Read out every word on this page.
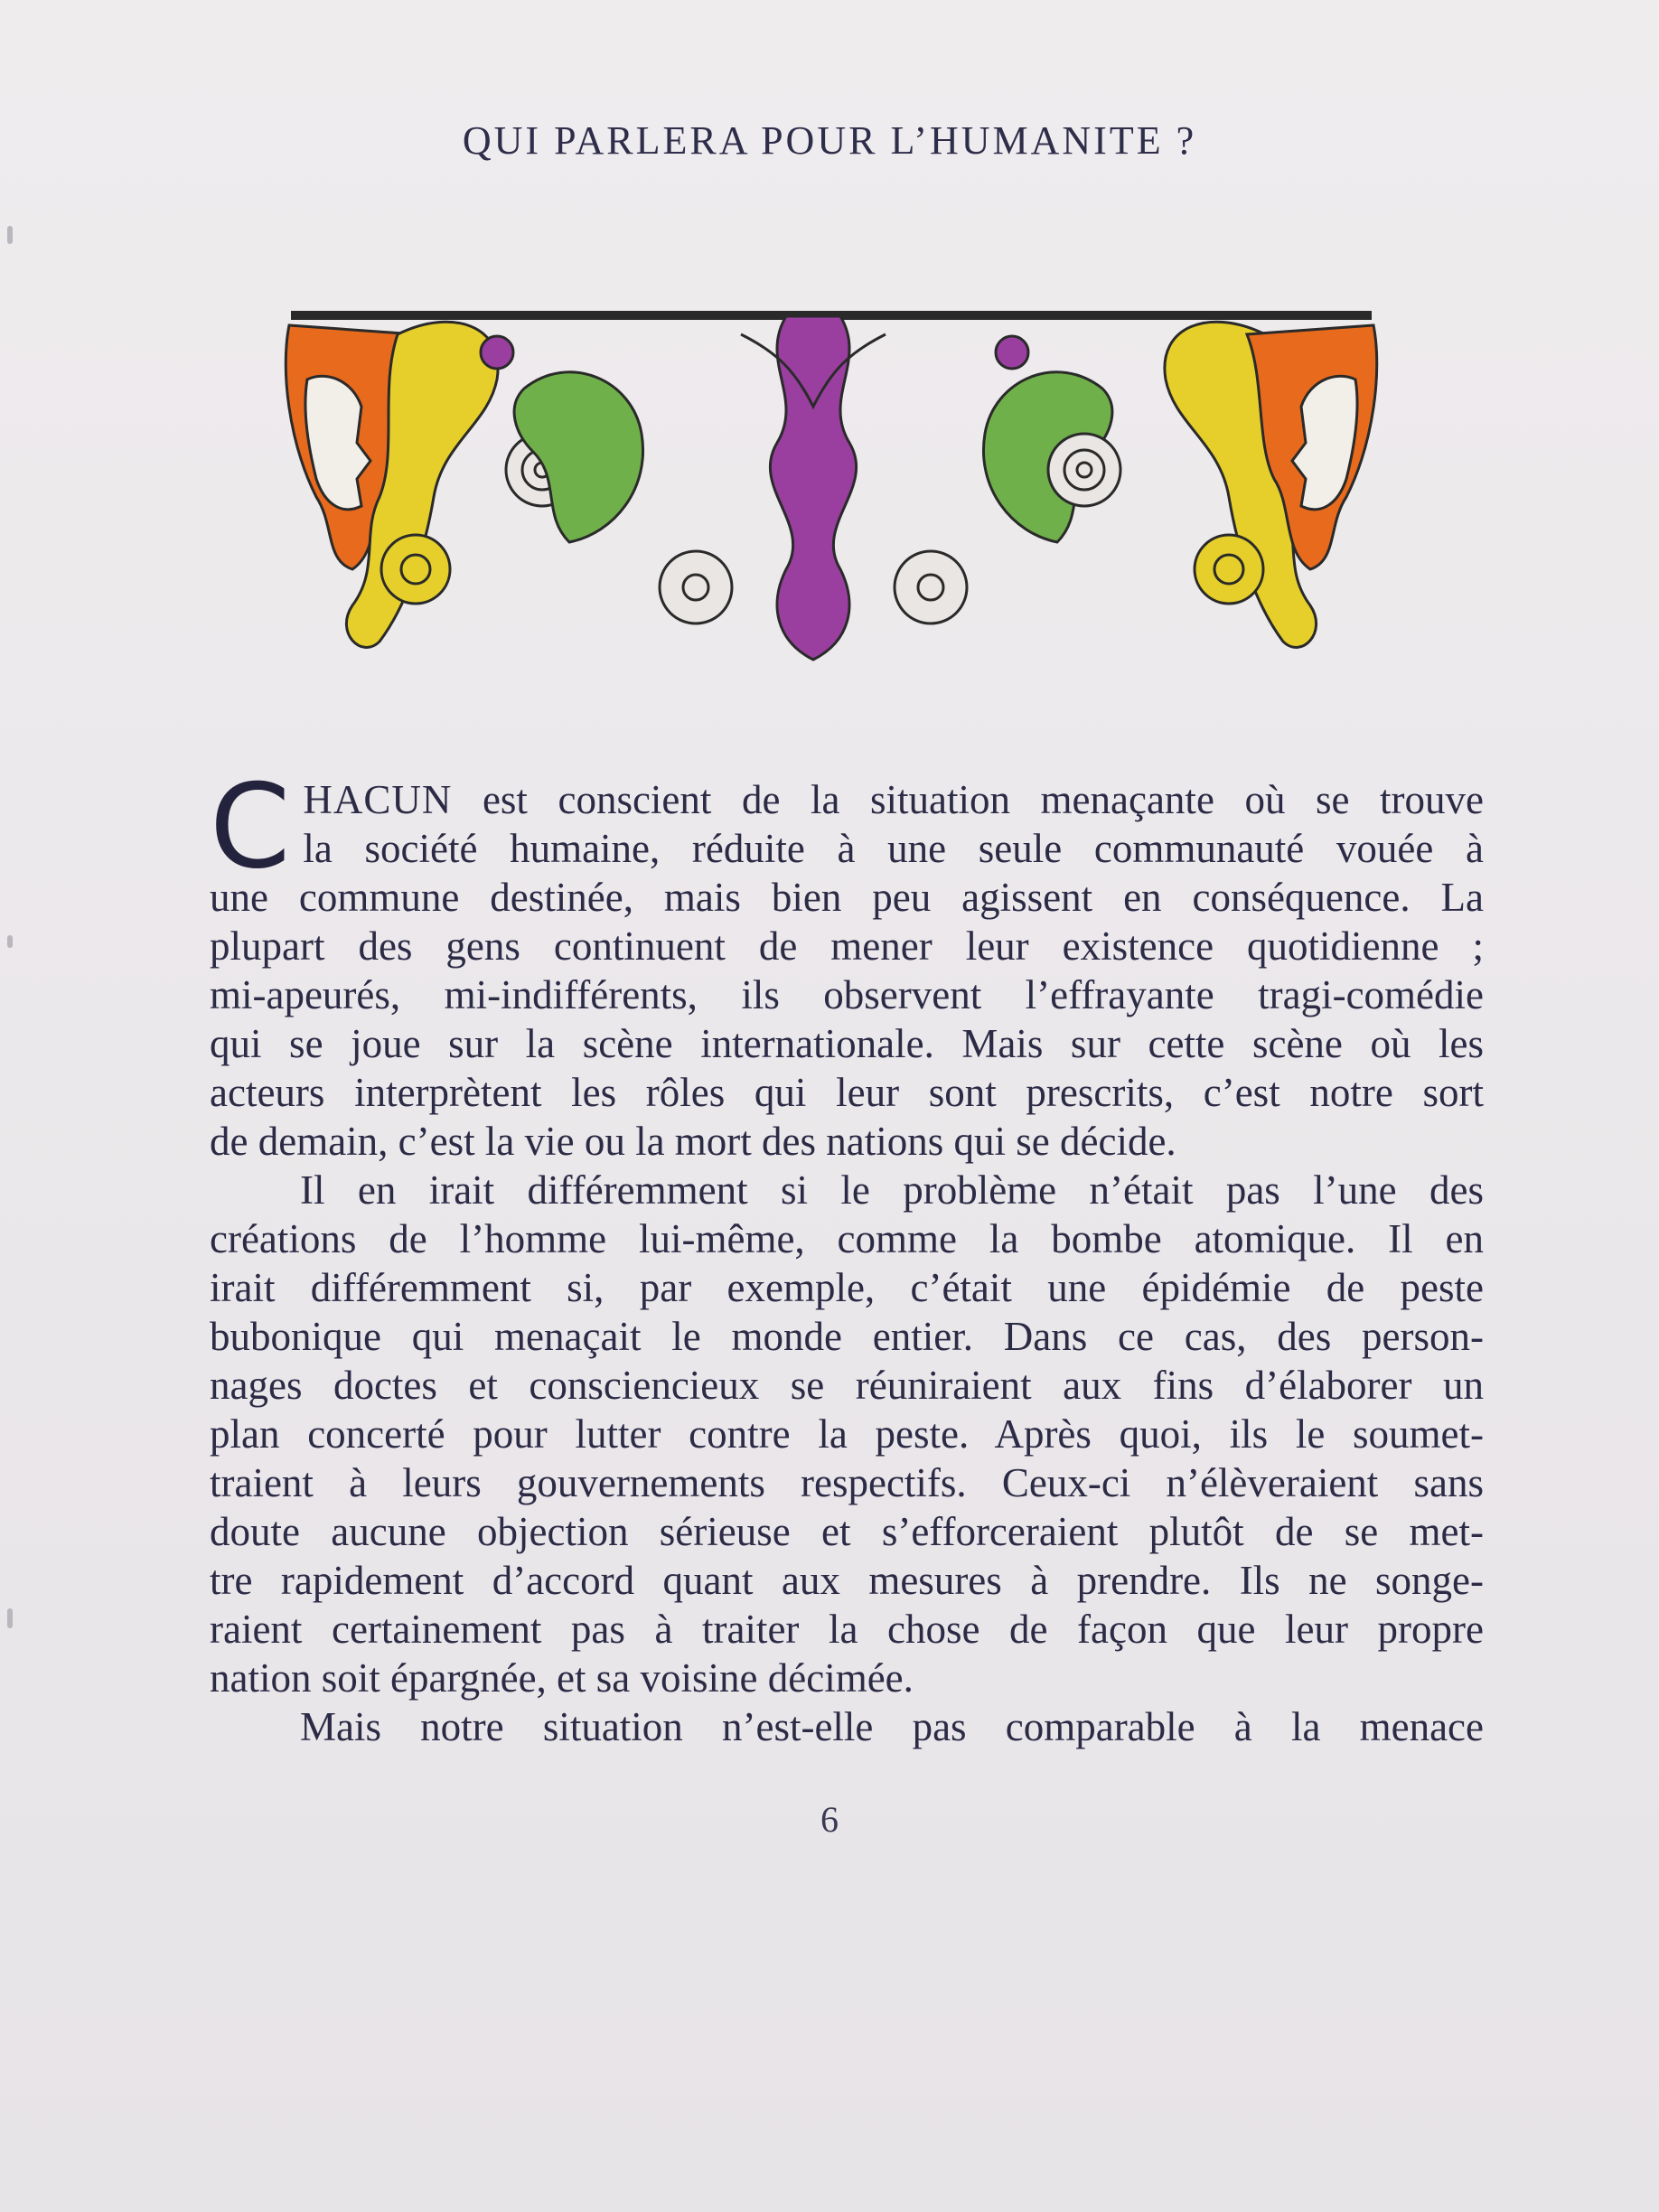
QUI PARLERA POUR L’HUMANITE ?

C HACUN est conscient de la situation menaçante où se trouve
la société humaine, réduite à une seule communauté vouée à
une commune destinée, mais bien peu agissent en conséquence. La
plupart des gens continuent de mener leur existence quotidienne ;
mi-apeurés, mi-indifférents, ils observent l’effrayante tragi-comédie
qui se joue sur la scène internationale. Mais sur cette scène où les
acteurs interprètent les rôles qui leur sont prescrits, c’est notre sort
de demain, c’est la vie ou la mort des nations qui se décide.

Il en irait différemment si le problème n’était pas l’une des
créations de l’homme lui-même, comme la bombe atomique. Il en
irait différemment si, par exemple, c’était une épidémie de peste
bubonique qui menaçait le monde entier. Dans ce cas, des person-
nages doctes et consciencieux se réuniraient aux fins d’élaborer un
plan concerté pour lutter contre la peste. Après quoi, ils le soumet-
traient à leurs gouvernements respectifs. Ceux-ci n’élèveraient sans
doute aucune objection sérieuse et s’efforceraient plutôt de se met-
tre rapidement d’accord quant aux mesures à prendre. Ils ne songe-
raient certainement pas à traiter la chose de façon que leur propre
nation soit épargnée, et sa voisine décimée.

Mais notre situation n’est-elle pas comparable à la menace

6
